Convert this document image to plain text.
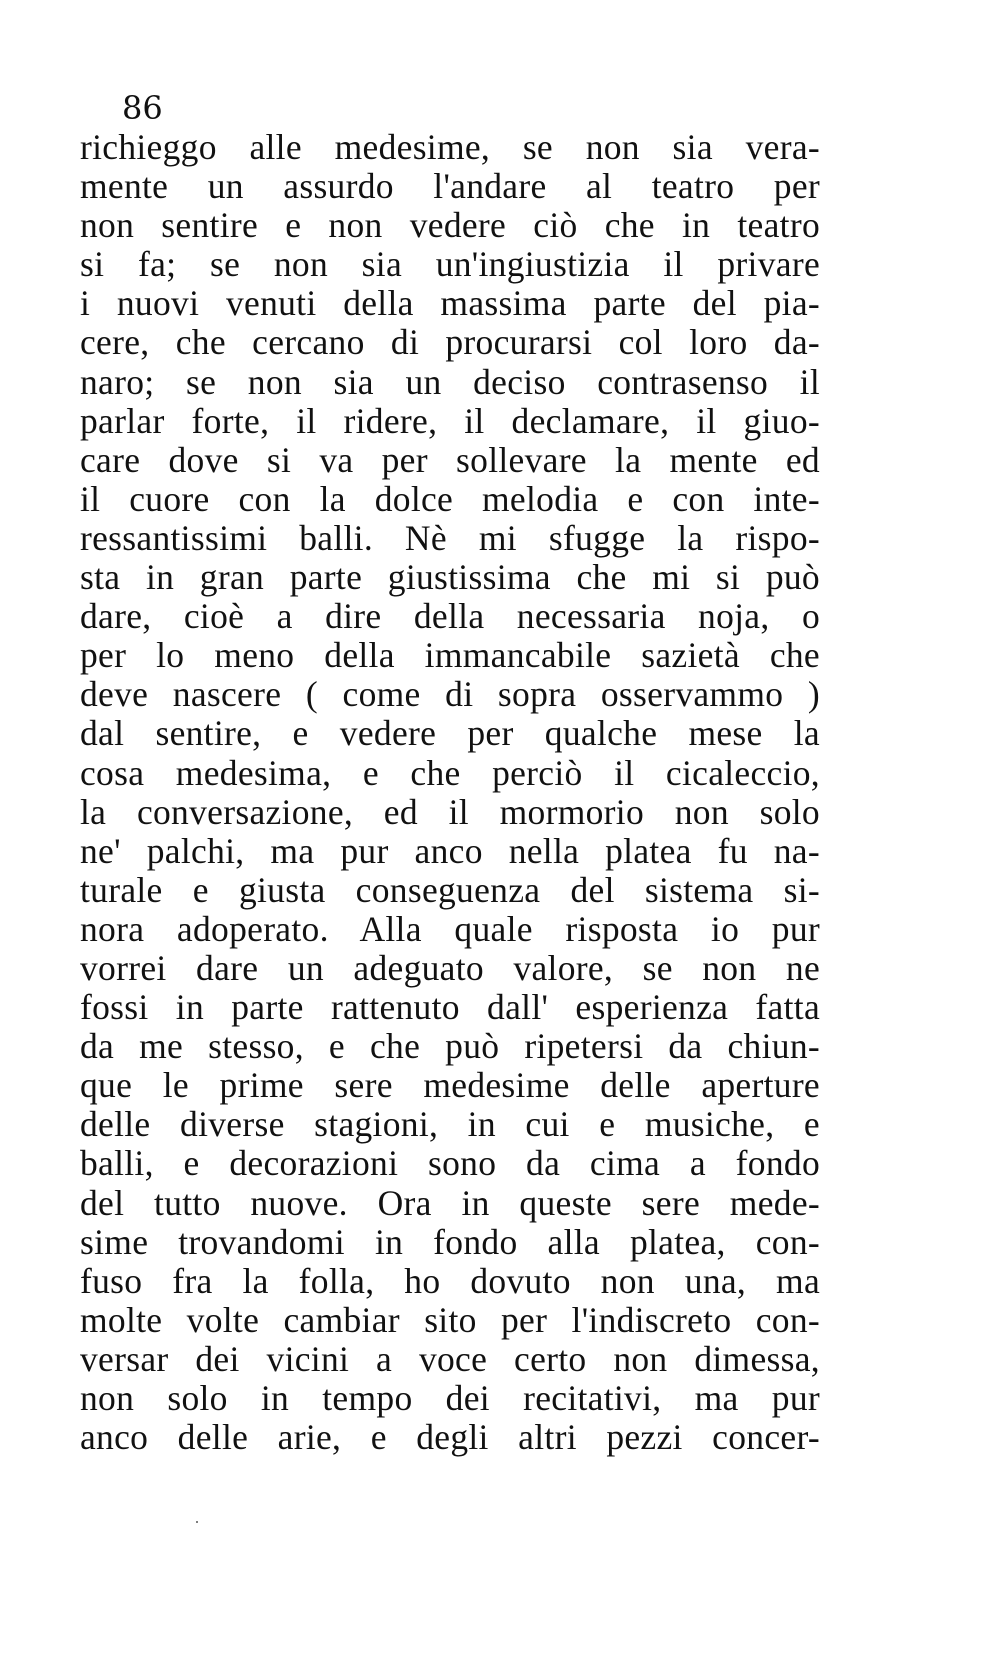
86
richieggo alle medesime, se non sia vera-
mente un assurdo l'andare al teatro per
non sentire e non vedere ciò che in teatro
si fa; se non sia un'ingiustizia il privare
i nuovi venuti della massima parte del pia-
cere, che cercano di procurarsi col loro da-
naro; se non sia un deciso contrasenso il
parlar forte, il ridere, il declamare, il giuo-
care dove si va per sollevare la mente ed
il cuore con la dolce melodia e con inte-
ressantissimi balli. Nè mi sfugge la rispo-
sta in gran parte giustissima che mi si può
dare, cioè a dire della necessaria noja, o
per lo meno della immancabile sazietà che
deve nascere ( come di sopra osservammo )
dal sentire, e vedere per qualche mese la
cosa medesima, e che perciò il cicaleccio,
la conversazione, ed il mormorio non solo
ne' palchi, ma pur anco nella platea fu na-
turale e giusta conseguenza del sistema si-
nora adoperato. Alla quale risposta io pur
vorrei dare un adeguato valore, se non ne
fossi in parte rattenuto dall' esperienza fatta
da me stesso, e che può ripetersi da chiun-
que le prime sere medesime delle aperture
delle diverse stagioni, in cui e musiche, e
balli, e decorazioni sono da cima a fondo
del tutto nuove. Ora in queste sere mede-
sime trovandomi in fondo alla platea, con-
fuso fra la folla, ho dovuto non una, ma
molte volte cambiar sito per l'indiscreto con-
versar dei vicini a voce certo non dimessa,
non solo in tempo dei recitativi, ma pur
anco delle arie, e degli altri pezzi concer-
